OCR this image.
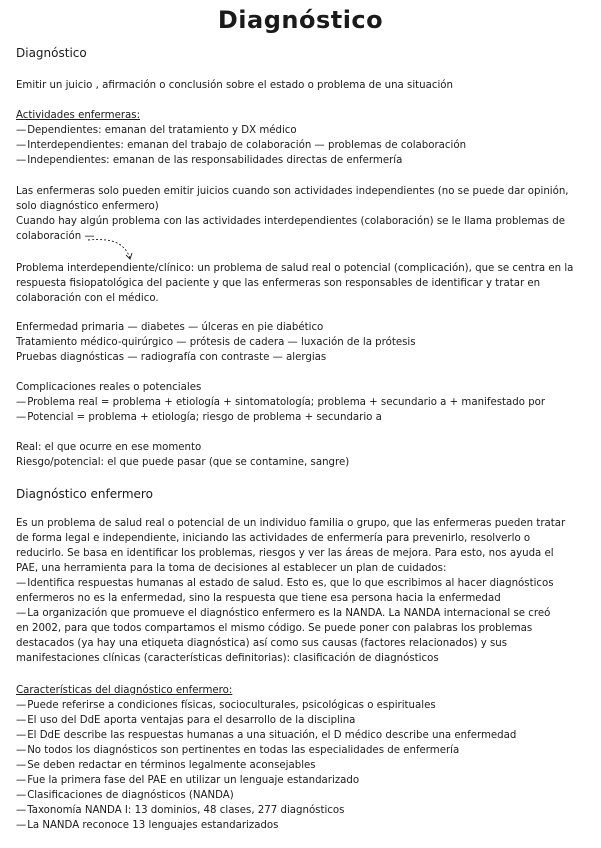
Diagnóstico
Diagnóstico
Emitir un juicio , afirmación o conclusión sobre el estado o problema de una situación
Actividades enfermeras:
— Dependientes: emanan del tratamiento y DX médico
— Interdependientes: emanan del trabajo de colaboración — problemas de colaboración
— Independientes: emanan de las responsabilidades directas de enfermería
Las enfermeras solo pueden emitir juicios cuando son actividades independientes (no se puede dar opinión,
solo diagnóstico enfermero)
Cuando hay algún problema con las actividades interdependientes (colaboración) se le llama problemas de
colaboración —
Problema interdependiente/clínico: un problema de salud real o potencial (complicación), que se centra en la
respuesta fisiopatológica del paciente y que las enfermeras son responsables de identificar y tratar en
colaboración con el médico.
Enfermedad primaria — diabetes — úlceras en pie diabético
Tratamiento médico-quirúrgico — prótesis de cadera — luxación de la prótesis
Pruebas diagnósticas — radiografía con contraste — alergias
Complicaciones reales o potenciales
— Problema real = problema + etiología + sintomatología; problema + secundario a + manifestado por
— Potencial = problema + etiología; riesgo de problema + secundario a
Real: el que ocurre en ese momento
Riesgo/potencial: el que puede pasar (que se contamine, sangre)
Diagnóstico enfermero
Es un problema de salud real o potencial de un individuo familia o grupo, que las enfermeras pueden tratar
de forma legal e independiente, iniciando las actividades de enfermería para prevenirlo, resolverlo o
reducirlo. Se basa en identificar los problemas, riesgos y ver las áreas de mejora. Para esto, nos ayuda el
PAE, una herramienta para la toma de decisiones al establecer un plan de cuidados:
— Identifica respuestas humanas al estado de salud. Esto es, que lo que escribimos al hacer diagnósticos
enfermeros no es la enfermedad, sino la respuesta que tiene esa persona hacia la enfermedad
— La organización que promueve el diagnóstico enfermero es la NANDA. La NANDA internacional se creó
en 2002, para que todos compartamos el mismo código. Se puede poner con palabras los problemas
destacados (ya hay una etiqueta diagnóstica) así como sus causas (factores relacionados) y sus
manifestaciones clínicas (características definitorias): clasificación de diagnósticos
Características del diagnóstico enfermero:
— Puede referirse a condiciones físicas, socioculturales, psicológicas o espirituales
— El uso del DdE aporta ventajas para el desarrollo de la disciplina
— El DdE describe las respuestas humanas a una situación, el D médico describe una enfermedad
— No todos los diagnósticos son pertinentes en todas las especialidades de enfermería
— Se deben redactar en términos legalmente aconsejables
— Fue la primera fase del PAE en utilizar un lenguaje estandarizado
— Clasificaciones de diagnósticos (NANDA)
— Taxonomía NANDA I: 13 dominios, 48 clases, 277 diagnósticos
— La NANDA reconoce 13 lenguajes estandarizados
